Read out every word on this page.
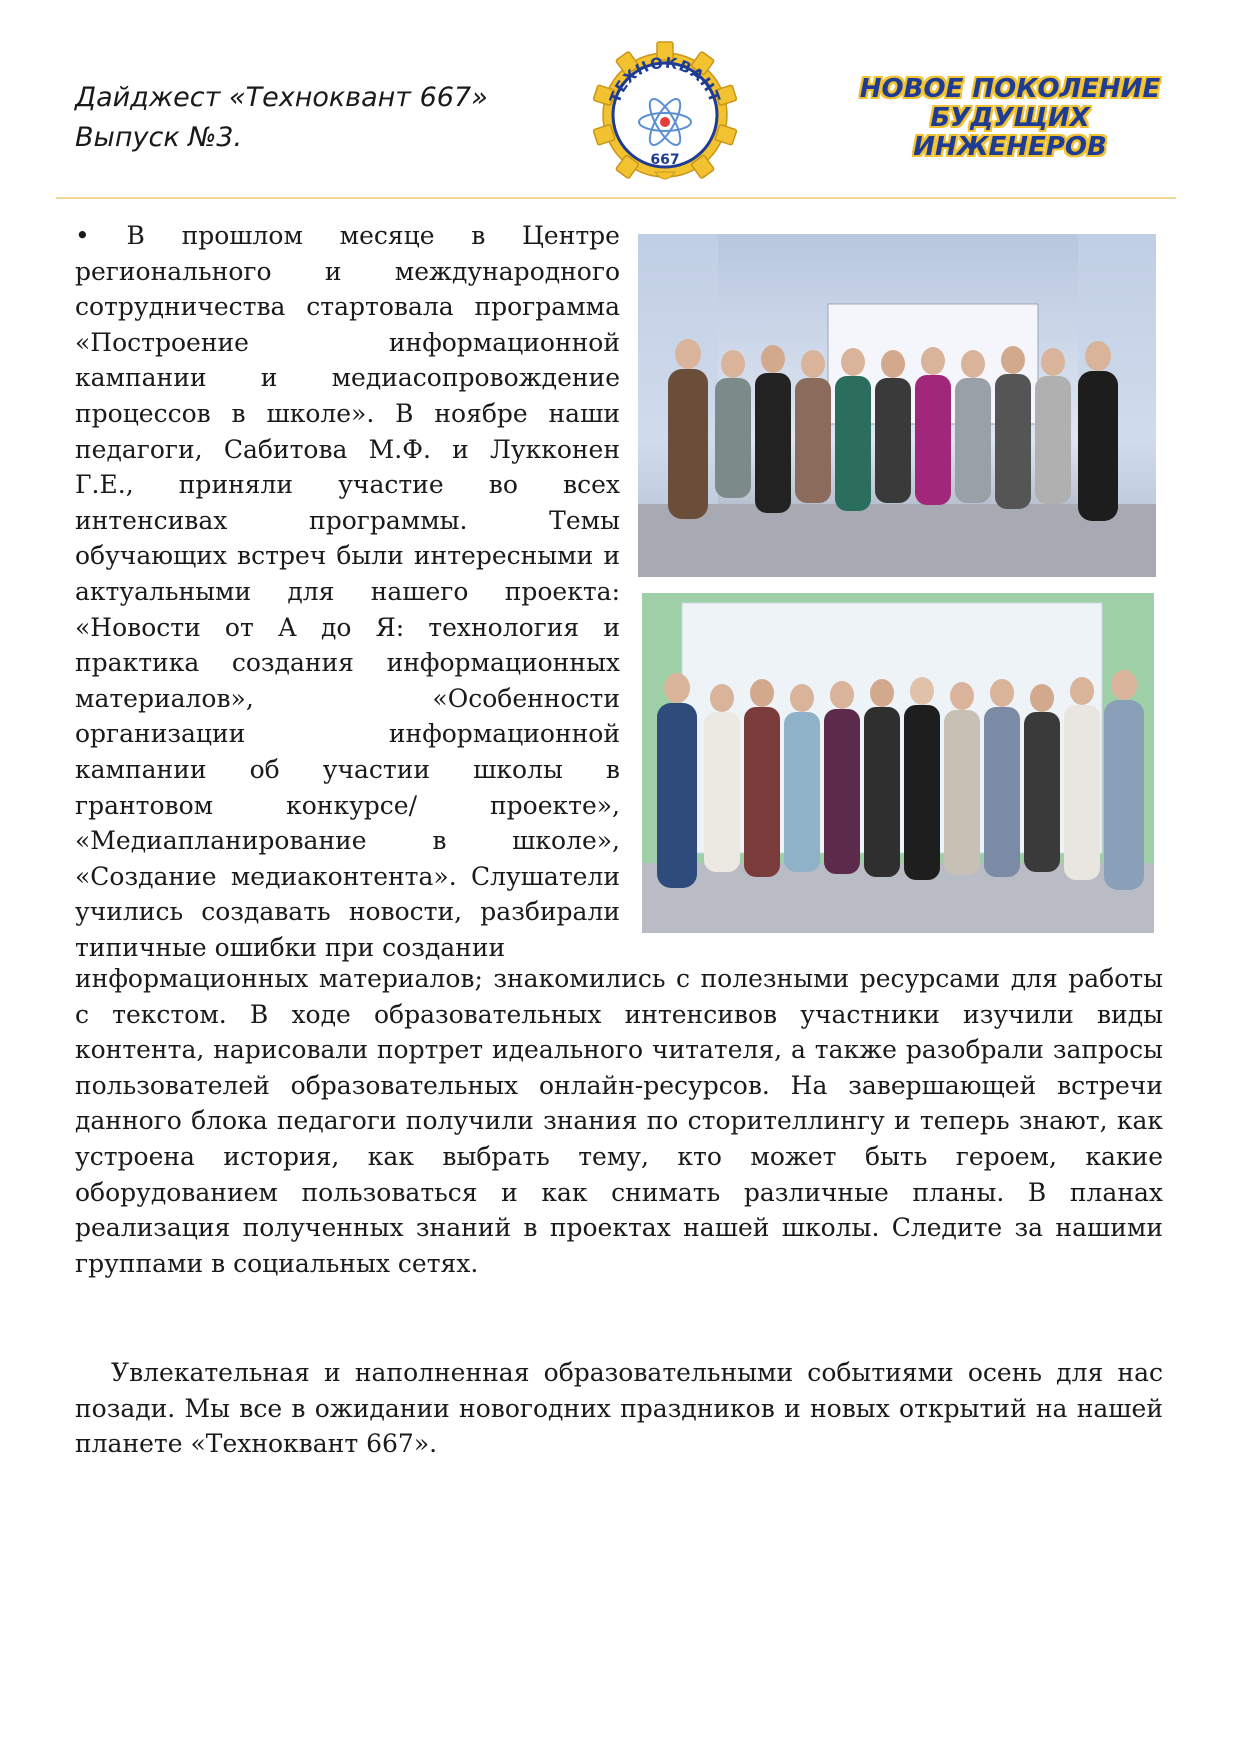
Дайджест «Техноквант 667»
Выпуск №3.
ТЕХНОКВАНТ
667
НОВОЕ ПОКОЛЕНИЕ
БУДУЩИХ ИНЖЕНЕРОВ

• В прошлом месяце в Центре регионального и международного сотрудничества стартовала программа «Построение информационной кампании и медиасопровождение процессов в школе». В ноябре наши педагоги, Сабитова М.Ф. и Лукконен Г.Е., приняли участие во всех интенсивах программы. Темы обучающих встреч были интересными и актуальными для нашего проекта: «Новости от А до Я: технология и практика создания информационных материалов», «Особенности организации информационной кампании об участии школы в грантовом конкурсе/ проекте», «Медиапланирование в школе», «Создание медиаконтента». Слушатели учились создавать новости, разбирали типичные ошибки при создании

информационных материалов; знакомились с полезными ресурсами для работы с текстом. В ходе образовательных интенсивов участники изучили виды контента, нарисовали портрет идеального читателя, а также разобрали запросы пользователей образовательных онлайн-ресурсов. На завершающей встречи данного блока педагоги получили знания по сторителлингу и теперь знают, как устроена история, как выбрать тему, кто может быть героем, какие оборудованием пользоваться и как снимать различные планы. В планах реализация полученных знаний в проектах нашей школы. Следите за нашими группами в социальных сетях.

Увлекательная и наполненная образовательными событиями осень для нас позади. Мы все в ожидании новогодних праздников и новых открытий на нашей планете «Техноквант 667».
